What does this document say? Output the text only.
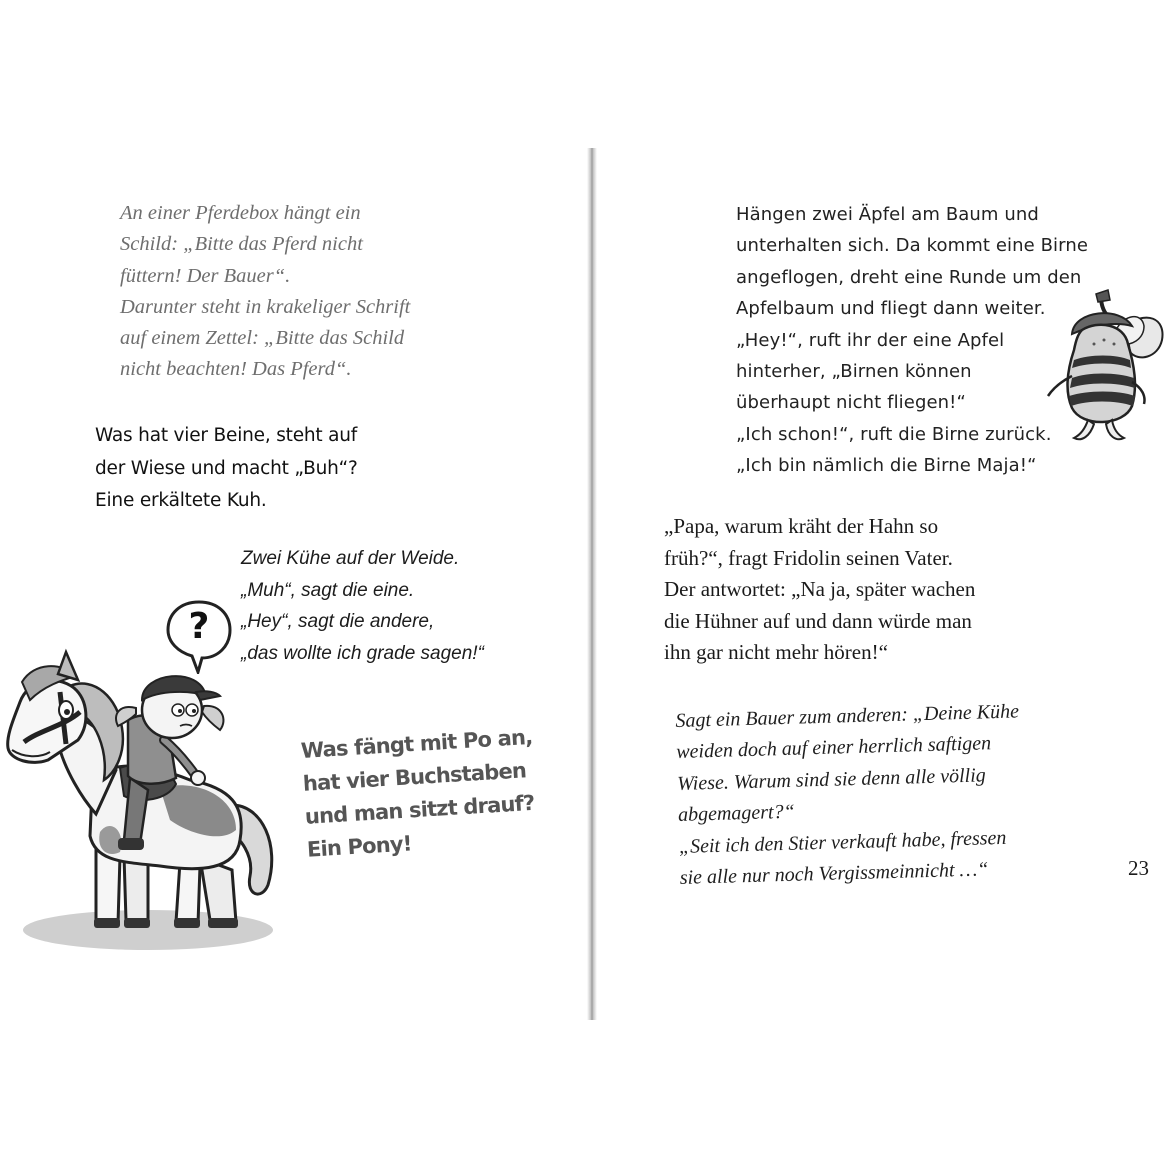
An einer Pferdebox hängt ein
Schild: „Bitte das Pferd nicht
füttern! Der Bauer“.
Darunter steht in krakeliger Schrift
auf einem Zettel: „Bitte das Schild
nicht beachten! Das Pferd“.
Was hat vier Beine, steht auf
der Wiese und macht „Buh“?
Eine erkältete Kuh.
Zwei Kühe auf der Weide.
„Muh“, sagt die eine.
„Hey“, sagt die andere,
„das wollte ich grade sagen!“
?
Was fängt mit Po an,
hat vier Buchstaben
und man sitzt drauf?
Ein Pony!
Hängen zwei Äpfel am Baum und
unterhalten sich. Da kommt eine Birne
angeflogen, dreht eine Runde um den
Apfelbaum und fliegt dann weiter.
„Hey!“, ruft ihr der eine Apfel
hinterher, „Birnen können
überhaupt nicht fliegen!“
„Ich schon!“, ruft die Birne zurück.
„Ich bin nämlich die Birne Maja!“
„Papa, warum kräht der Hahn so
früh?“, fragt Fridolin seinen Vater.
Der antwortet: „Na ja, später wachen
die Hühner auf und dann würde man
ihn gar nicht mehr hören!“
Sagt ein Bauer zum anderen: „Deine Kühe
weiden doch auf einer herrlich saftigen
Wiese. Warum sind sie denn alle völlig
abgemagert?“
„Seit ich den Stier verkauft habe, fressen
sie alle nur noch Vergissmeinnicht …“	23
